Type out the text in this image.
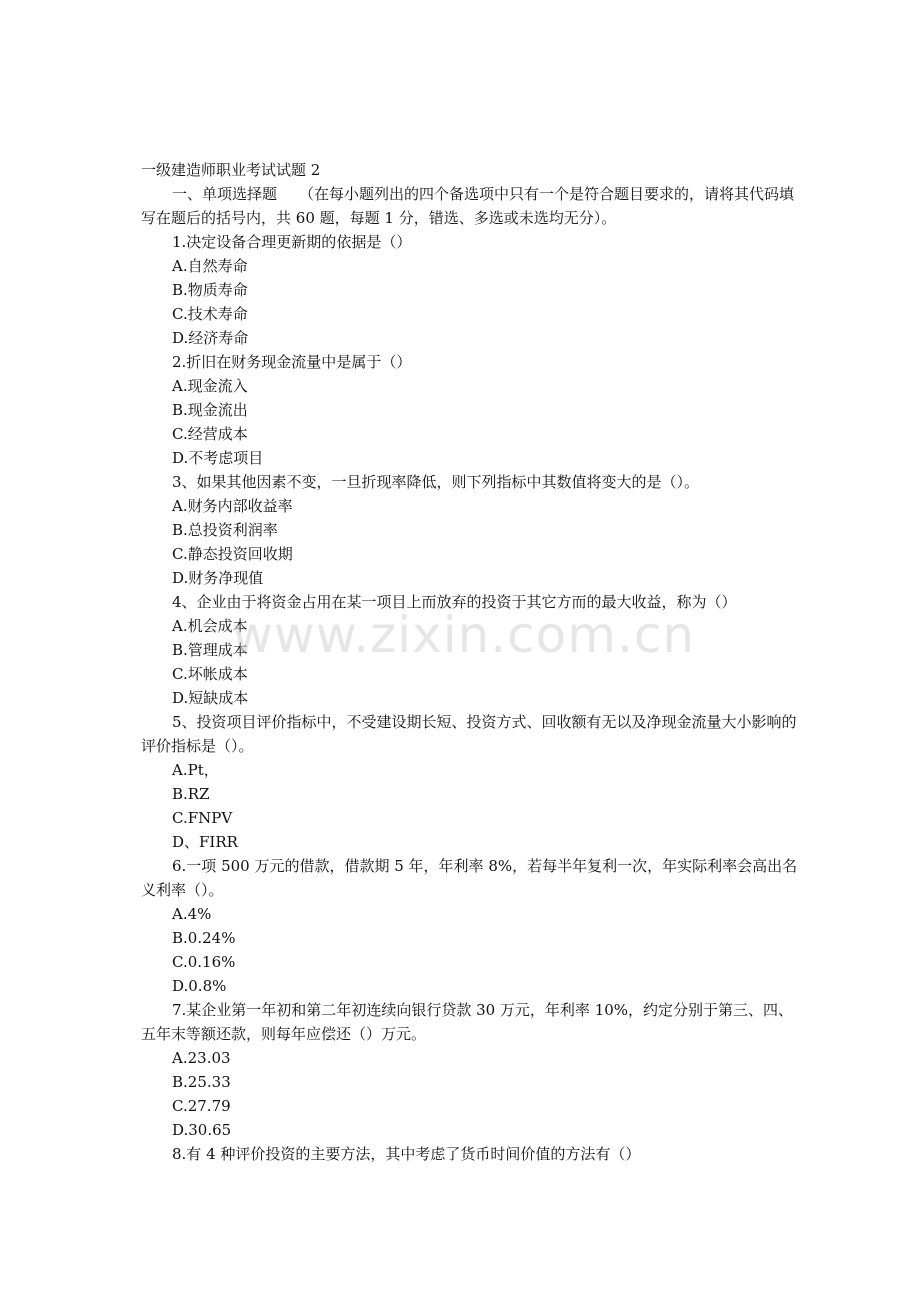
一级建造师职业考试试题 2
一、单项选择题 （在每小题列出的四个备选项中只有一个是符合题目要求的，请将其代码填写在题后的括号内，共 60 题，每题 1 分，错选、多选或未选均无分）。
1.决定设备合理更新期的依据是（）
A.自然寿命
B.物质寿命
C.技术寿命
D.经济寿命
2.折旧在财务现金流量中是属于（）
A.现金流入
B.现金流出
C.经营成本
D.不考虑项目
3、如果其他因素不变，一旦折现率降低，则下列指标中其数值将变大的是（）。
A.财务内部收益率
B.总投资利润率
C.静态投资回收期
D.财务净现值
4、企业由于将资金占用在某一项目上而放弃的投资于其它方而的最大收益，称为（）
A.机会成本
B.管理成本
C.坏帐成本
D.短缺成本
5、投资项目评价指标中，不受建设期长短、投资方式、回收额有无以及净现金流量大小影响的评价指标是（）。
A.Pt，
B.RZ
C.FNPV
D、FIRR
6.一项 500 万元的借款，借款期 5 年，年利率 8%，若每半年复利一次，年实际利率会高出名义利率（）。
A.4%
B.0.24%
C.0.16%
D.0.8%
7.某企业第一年初和第二年初连续向银行贷款 30 万元，年利率 10%，约定分别于第三、四、五年末等额还款，则每年应偿还（）万元。
A.23.03
B.25.33
C.27.79
D.30.65
8.有 4 种评价投资的主要方法，其中考虑了货币时间价值的方法有（）
www.zixin.com.cn
